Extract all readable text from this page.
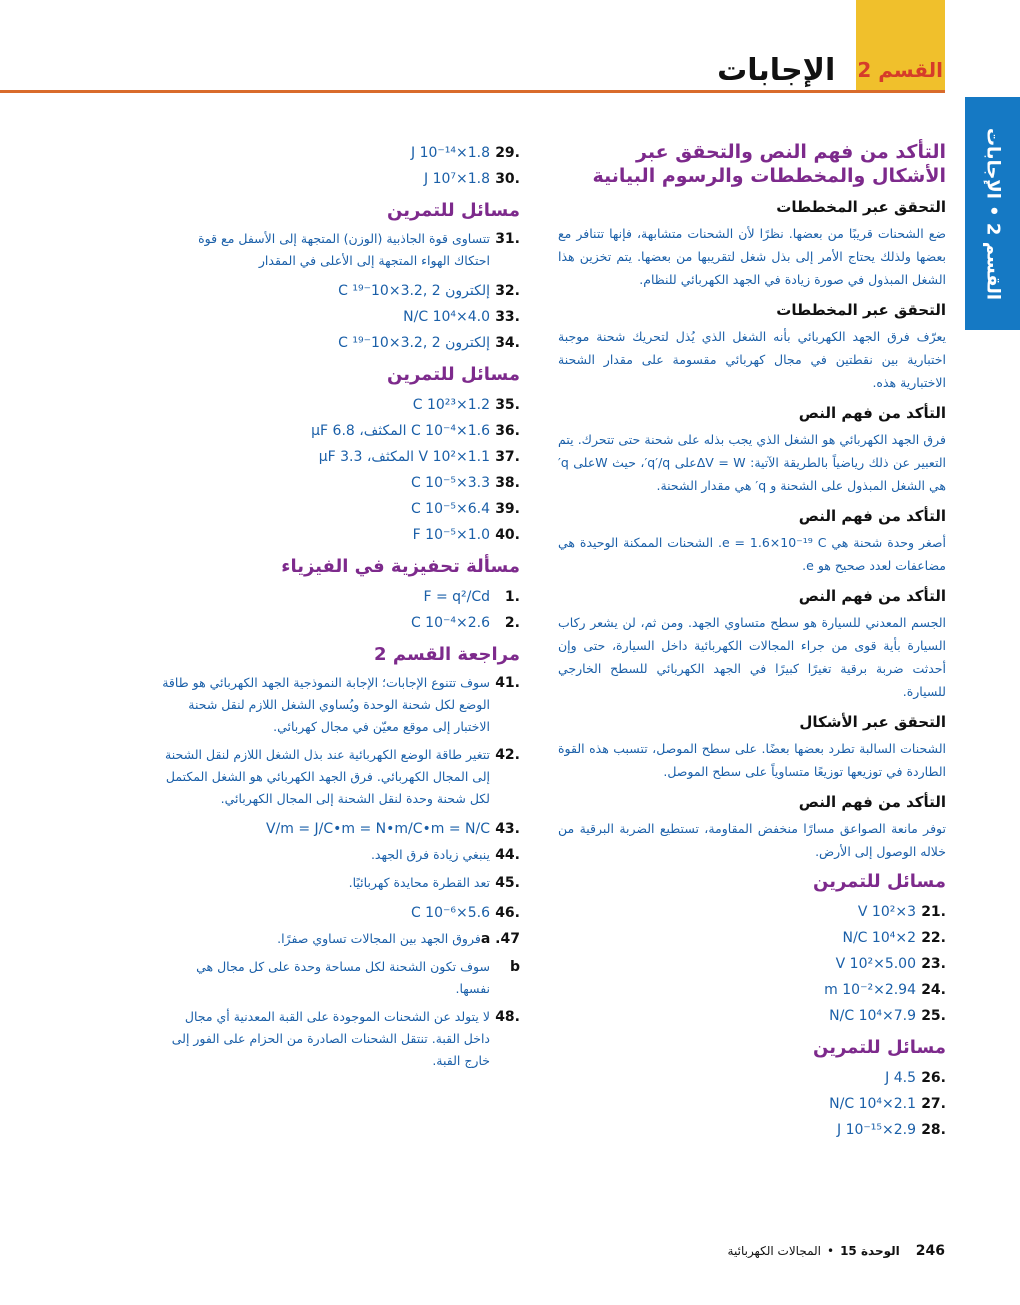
القسم 2
الإجابات
القسم 2 • الإجابات
التأكد من فهم النص والتحقق عبر الأشكال والمخططات والرسوم البيانية
التحقق عبر المخططات

ضع الشحنات قريبًا من بعضها. نظرًا لأن الشحنات متشابهة، فإنها تتنافر مع بعضها ولذلك يحتاج الأمر إلى بذل شغل لتقريبها من بعضها. يتم تخزين هذا الشغل المبذول في صورة زيادة في الجهد الكهربائي للنظام.

التحقق عبر المخططات

يعرّف فرق الجهد الكهربائي بأنه الشغل الذي يُذل لتحريك شحنة موجبة اختبارية بين نقطتين في مجال كهربائي مقسومة على مقدار الشحنة الاختبارية هذه.

التأكد من فهم النص

فرق الجهد الكهربائي هو الشغل الذي يجب بذله على شحنة حتى تتحرك. يتم التعبير عن ذلك رياضياً بالطريقة الآتية: ΔV = Wعلى q′/q′، حيث Wعلى q′ هي الشغل المبذول على الشحنة و q′ هي مقدار الشحنة.

التأكد من فهم النص

أصغر وحدة شحنة هي e = 1.6×10⁻¹⁹ C. الشحنات الممكنة الوحيدة هي مضاعفات لعدد صحيح هو e.

التأكد من فهم النص

الجسم المعدني للسيارة هو سطح متساوي الجهد. ومن ثم، لن يشعر ركاب السيارة بأية قوى من جراء المجالات الكهربائية داخل السيارة، حتى وإن أحدثت ضربة برقية تغيرًا كبيرًا في الجهد الكهربائي للسطح الخارجي للسيارة.

التحقق عبر الأشكال

الشحنات السالبة تطرد بعضها بعضًا. على سطح الموصل، تتسبب هذه القوة الطاردة في توزيعها توزيعًا متساوياً على سطح الموصل.

التأكد من فهم النص

توفر مانعة الصواعق مسارًا منخفض المقاومة، تستطيع الضربة البرقية من خلاله الوصول إلى الأرض.

مسائل للتمرين
.21
3×10² V
.22
2×10⁴ N/C
.23
5.00×10² V
.24
2.94×10⁻² m
.25
7.9×10⁴ N/C
مسائل للتمرين
.26
4.5 J
.27
2.1×10⁴ N/C
.28
2.9×10⁻¹⁵ J
.29
1.8×10⁻¹⁴ J
.30
1.8×10⁷ J
مسائل للتمرين
.31
تتساوى قوة الجاذبية (الوزن) المتجهة إلى الأسفل مع قوة احتكاك الهواء المتجهة إلى الأعلى في المقدار
.32
إلكترون 2 ,3.2×10⁻¹⁹ C
.33
4.0×10⁴ N/C
.34
إلكترون 2 ,3.2×10⁻¹⁹ C
مسائل للتمرين
.35
1.2×10²³ C
.36
1.6×10⁻⁴ C المكثف، 6.8 μF
.37
1.1×10² V المكثف، 3.3 μF
.38
3.3×10⁻⁵ C
.39
6.4×10⁻⁵ C
.40
1.0×10⁻⁵ F
مسألة تحفيزية في الفيزياء
.1
F = q²/Cd
.2
2.6×10⁻⁴ C
مراجعة القسم 2
.41
سوف تتنوع الإجابات؛ الإجابة النموذجية الجهد الكهربائي هو طاقة الوضع لكل شحنة الوحدة ويُساوي الشغل اللازم لنقل شحنة الاختبار إلى موقع معيّن في مجال كهربائي.
.42
تتغير طاقة الوضع الكهربائية عند بذل الشغل اللازم لنقل الشحنة إلى المجال الكهربائي. فرق الجهد الكهربائي هو الشغل المكتمل لكل شحنة وحدة لنقل الشحنة إلى المجال الكهربائي.
.43
V/m = J/C•m = N•m/C•m = N/C
.44
ينبغي زيادة فرق الجهد.
.45
تعد القطرة محايدة كهربائيًا.
.46
5.6×10⁻⁶ C
47. a
فروق الجهد بين المجالات تساوي صفرًا.
b
سوف تكون الشحنة لكل مساحة وحدة على كل مجال هي نفسها.
.48
لا يتولد عن الشحنات الموجودة على القبة المعدنية أي مجال داخل القبة. تنتقل الشحنات الصادرة من الحزام على الفور إلى خارج القبة.
246
الوحدة 15
•
المجالات الكهربائية
